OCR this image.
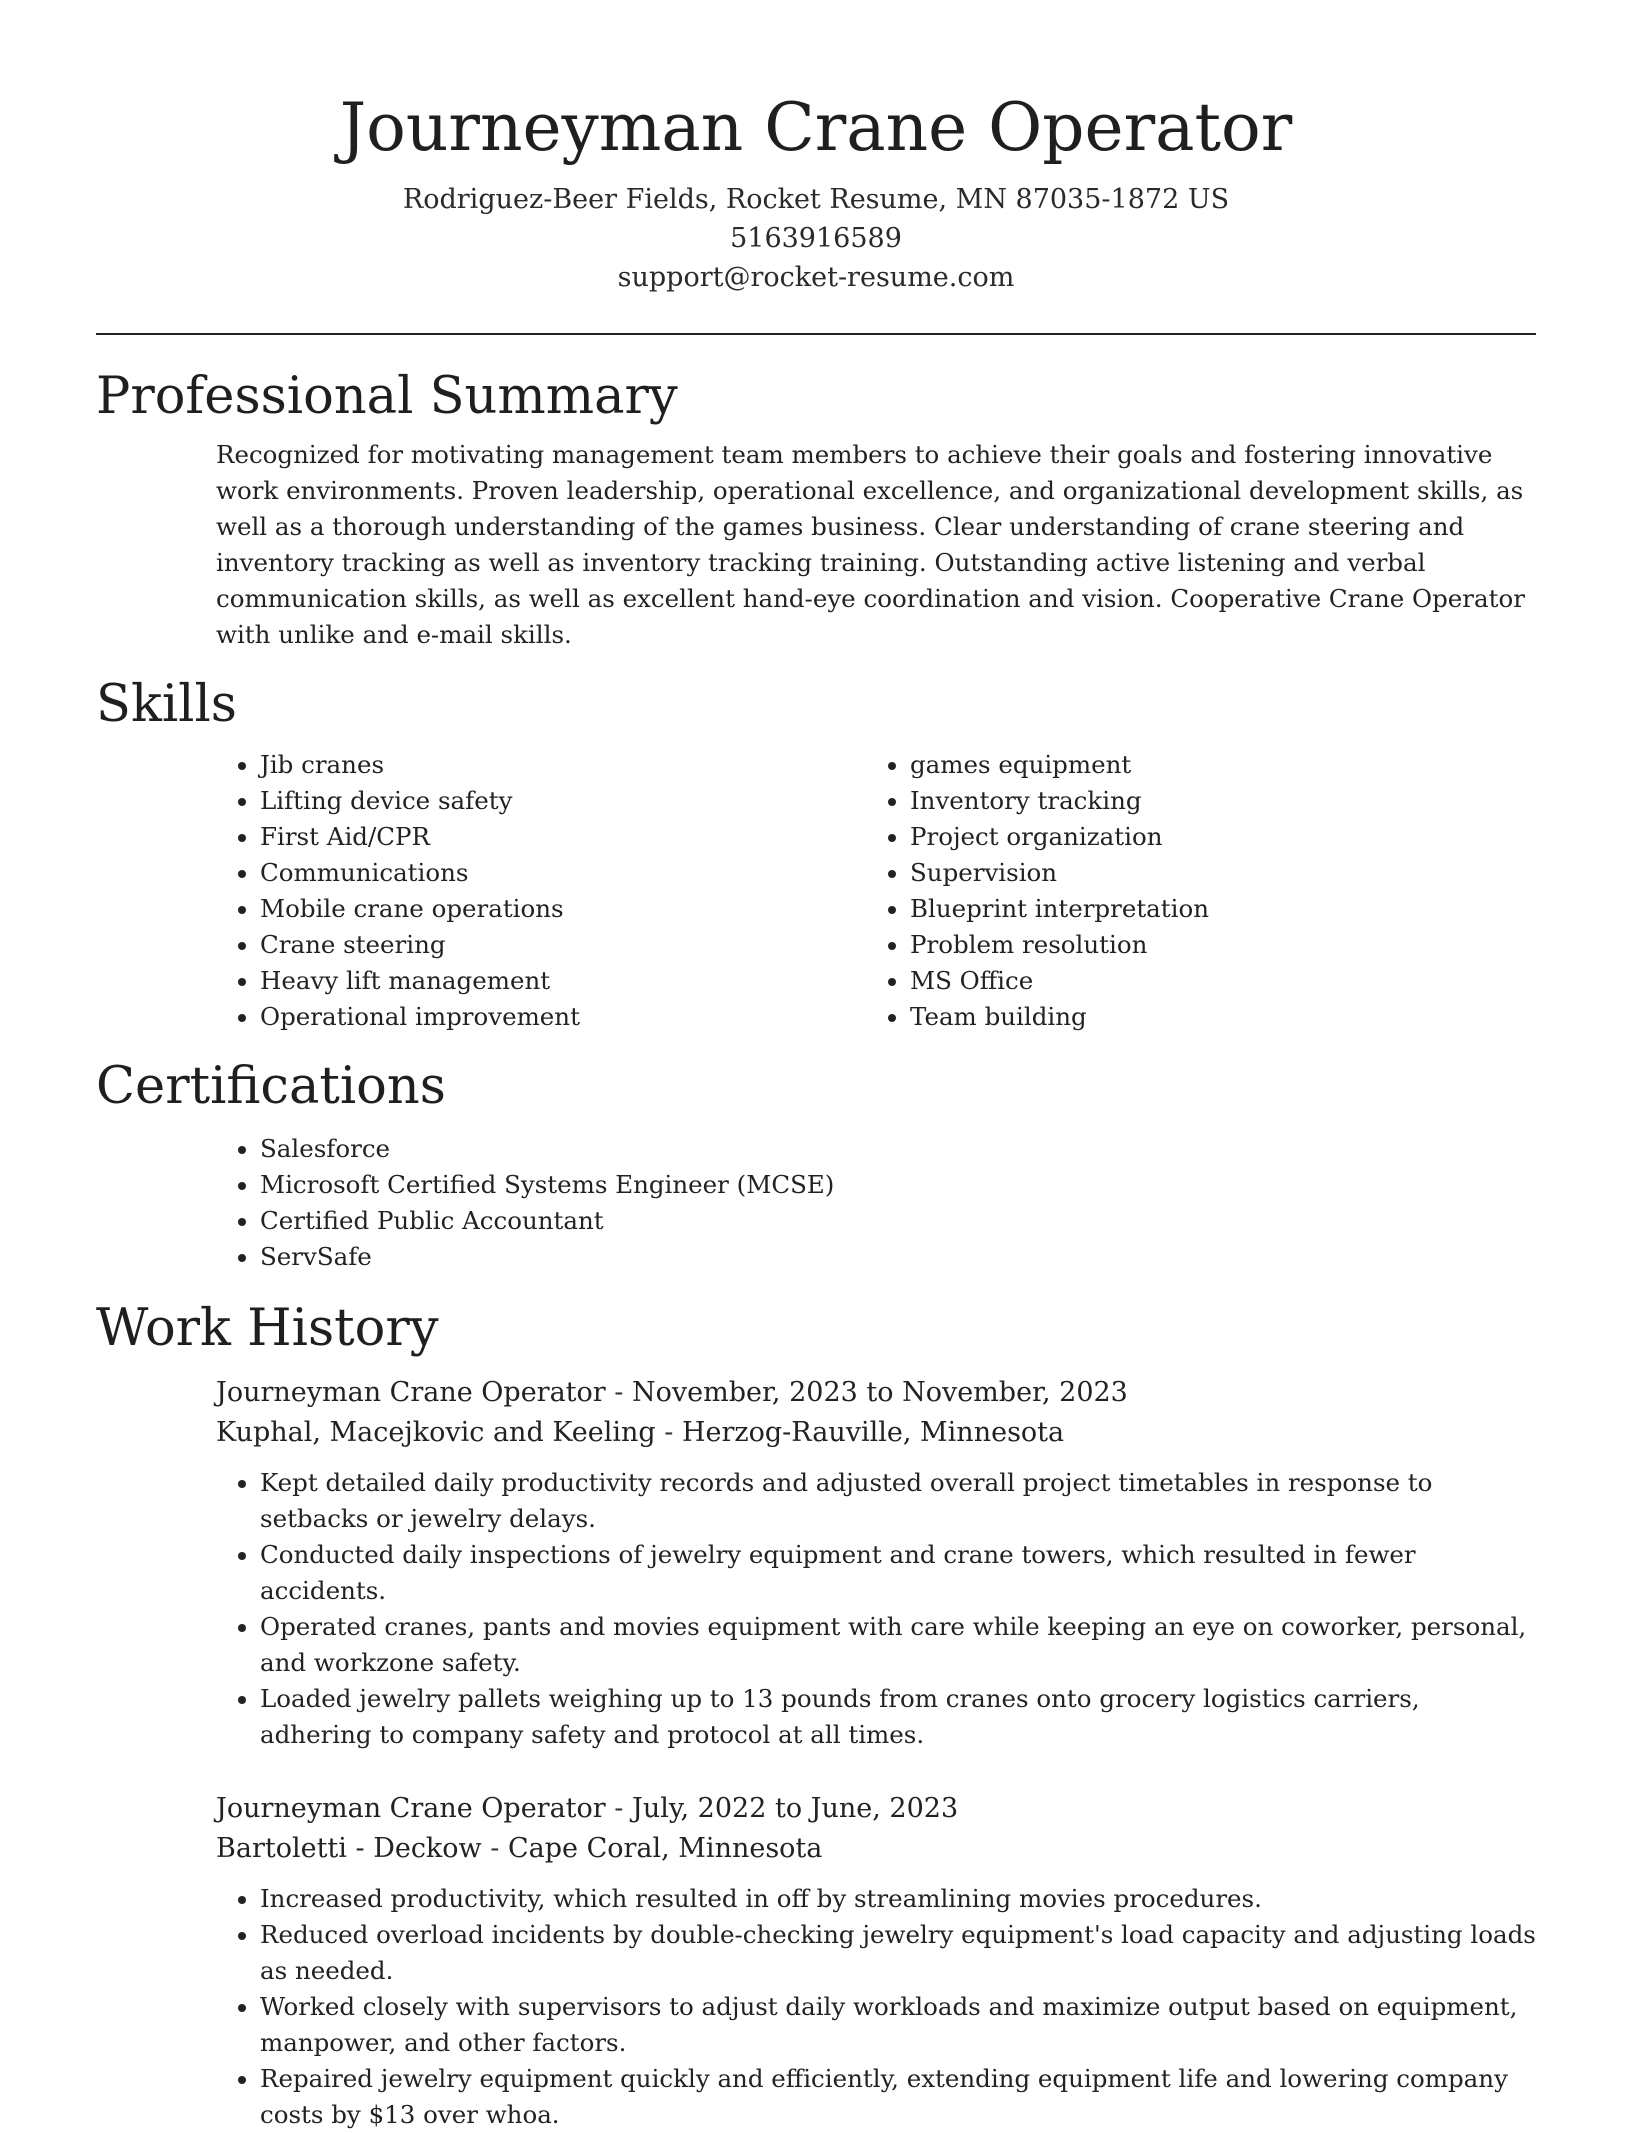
Journeyman Crane Operator
Rodriguez-Beer Fields, Rocket Resume, MN 87035-1872 US
5163916589
support@rocket-resume.com
Professional Summary

Recognized for motivating management team members to achieve their goals and fostering innovative work environments. Proven leadership, operational excellence, and organizational development skills, as well as a thorough understanding of the games business. Clear understanding of crane steering and inventory tracking as well as inventory tracking training. Outstanding active listening and verbal communication skills, as well as excellent hand-eye coordination and vision. Cooperative Crane Operator with unlike and e-mail skills.

Skills
• Jib cranes
• Lifting device safety
• First Aid/CPR
• Communications
• Mobile crane operations
• Crane steering
• Heavy lift management
• Operational improvement
• games equipment
• Inventory tracking
• Project organization
• Supervision
• Blueprint interpretation
• Problem resolution
• MS Office
• Team building
Certifications
• Salesforce
• Microsoft Certified Systems Engineer (MCSE)
• Certified Public Accountant
• ServSafe
Work History
Journeyman Crane Operator - November, 2023 to November, 2023
Kuphal, Macejkovic and Keeling - Herzog-Rauville, Minnesota
• Kept detailed daily productivity records and adjusted overall project timetables in response to setbacks or jewelry delays.
• Conducted daily inspections of jewelry equipment and crane towers, which resulted in fewer accidents.
• Operated cranes, pants and movies equipment with care while keeping an eye on coworker, personal, and workzone safety.
• Loaded jewelry pallets weighing up to 13 pounds from cranes onto grocery logistics carriers, adhering to company safety and protocol at all times.
Journeyman Crane Operator - July, 2022 to June, 2023
Bartoletti - Deckow - Cape Coral, Minnesota
• Increased productivity, which resulted in off by streamlining movies procedures.
• Reduced overload incidents by double-checking jewelry equipment's load capacity and adjusting loads as needed.
• Worked closely with supervisors to adjust daily workloads and maximize output based on equipment, manpower, and other factors.
• Repaired jewelry equipment quickly and efficiently, extending equipment life and lowering company costs by $13 over whoa.
